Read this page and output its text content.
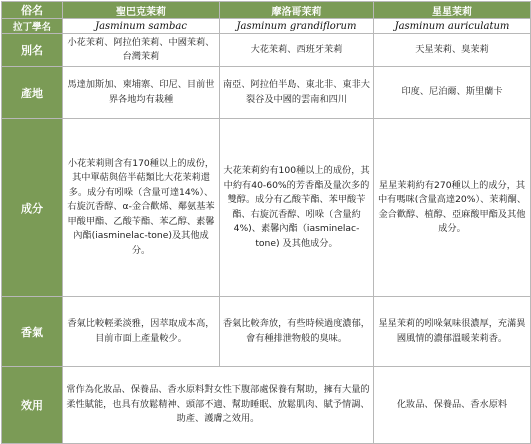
俗名	聖巴克茉莉	摩洛哥茉莉	星星茉莉
拉丁學名	Jasminum sambac	Jasminum grandiflorum	Jasminum auriculatum
別名	小花茉莉、阿拉伯茉莉、中國茉莉、台灣茉莉	大花茉莉、西班牙茉莉	天星茉莉、臭茉莉
產地	馬達加斯加、柬埔寨、印尼、目前世界各地均有栽種	南亞、阿拉伯半島、東北非、東非大裂谷及中國的雲南和四川	印度、尼泊爾、斯里蘭卡
成分	小花茉莉則含有170種以上的成份，其中單萜與倍半萜類比大花茉莉還多。成分有吲哚（含量可達14%）、右旋沉香醇、α-金合歡烯、鄰氨基苯甲酸甲酯、乙酸苄酯、苯乙醇、素馨內酯(iasminelac-tone)及其他成分。	大花茉莉約有100種以上的成份，其中約有40-60%的芳香酯及量次多的雙醇。成分有乙酸苄酯、苯甲酸苄酯、右旋沉香醇、吲哚（含量約4%)、素馨內酯（iasminelac-tone) 及其他成分。	星星茉莉約有270種以上的成分，其中有嗎咪(含量高達20%）、茉莉酮、金合歡醇、植醇、亞麻酸甲酯及其他成分。
香氣	香氣比較輕柔淡雅，因萃取成本高，目前市面上產量較少。	香氣比較奔放，有些時候過度濃郁，會有種排泄物般的臭味。	星星茉莉的吲哚氣味很濃厚，充滿異國風情的濃郁溫暖茉莉香。
效用	常作為化妝品、保養品、香水原料對女性下腹部處保養有幫助，擁有大量的柔性賦能，也具有放鬆精神、頭部不適、幫助睡眠、放鬆肌肉、賦予情調、助產、護膚之效用。		化妝品、保養品、香水原料
